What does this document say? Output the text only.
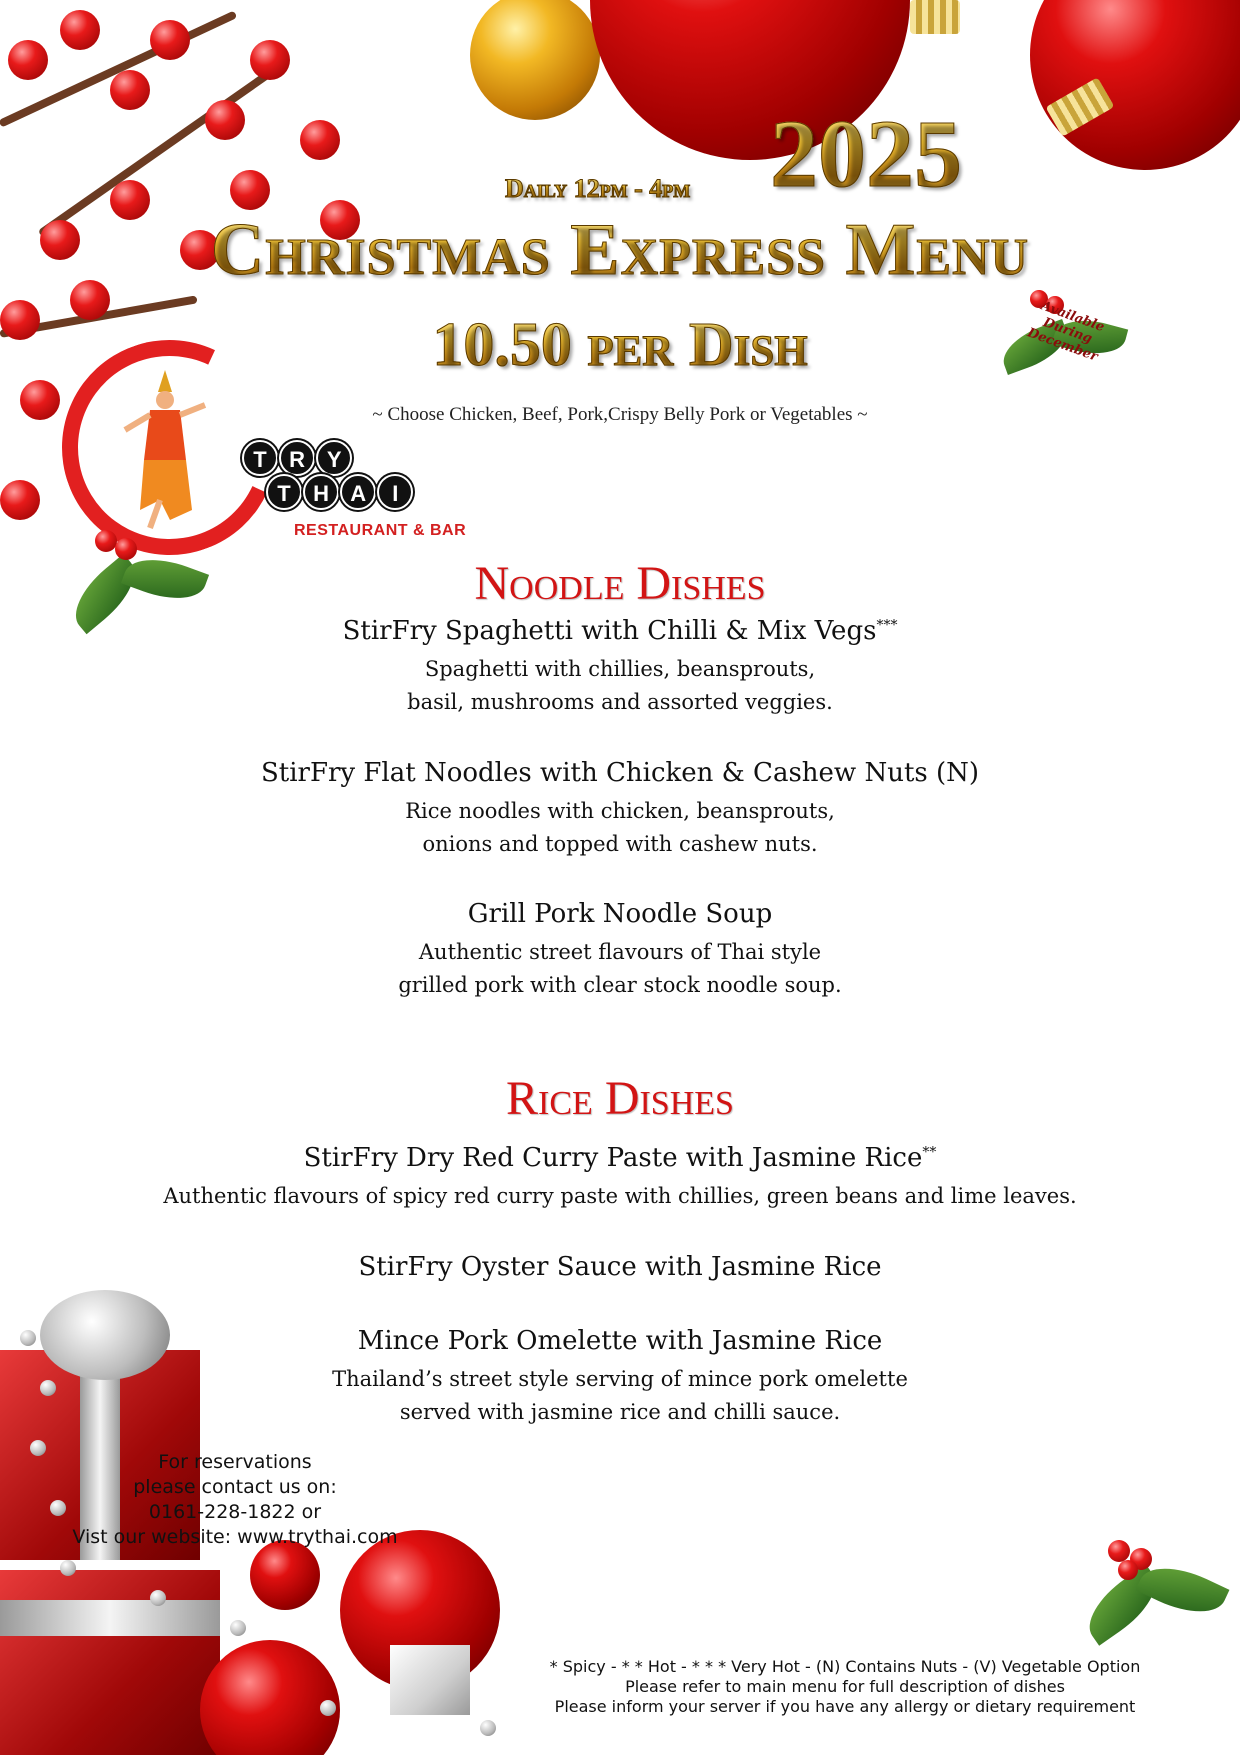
2025
Daily 12pm - 4pm
Christmas Express Menu
10.50 per Dish	Available During December
~ Choose Chicken, Beef, Pork,Crispy Belly Pork or Vegetables ~
T R Y
T H A I
RESTAURANT & BAR
Noodle Dishes
StirFry Spaghetti with Chilli & Mix Vegs***
Spaghetti with chillies, beansprouts,
basil, mushrooms and assorted veggies.
StirFry Flat Noodles with Chicken & Cashew Nuts (N)
Rice noodles with chicken, beansprouts,
onions and topped with cashew nuts.
Grill Pork Noodle Soup
Authentic street flavours of Thai style
grilled pork with clear stock noodle soup.
Rice Dishes
StirFry Dry Red Curry Paste with Jasmine Rice**
Authentic flavours of spicy red curry paste with chillies, green beans and lime leaves.
StirFry Oyster Sauce with Jasmine Rice
Mince Pork Omelette with Jasmine Rice
Thailand’s street style serving of mince pork omelette
served with jasmine rice and chilli sauce.
For reservations
please contact us on:
0161-228-1822 or
Vist our website: www.trythai.com
* Spicy - * * Hot - * * * Very Hot - (N) Contains Nuts - (V) Vegetable Option
Please refer to main menu for full description of dishes
Please inform your server if you have any allergy or dietary requirement
